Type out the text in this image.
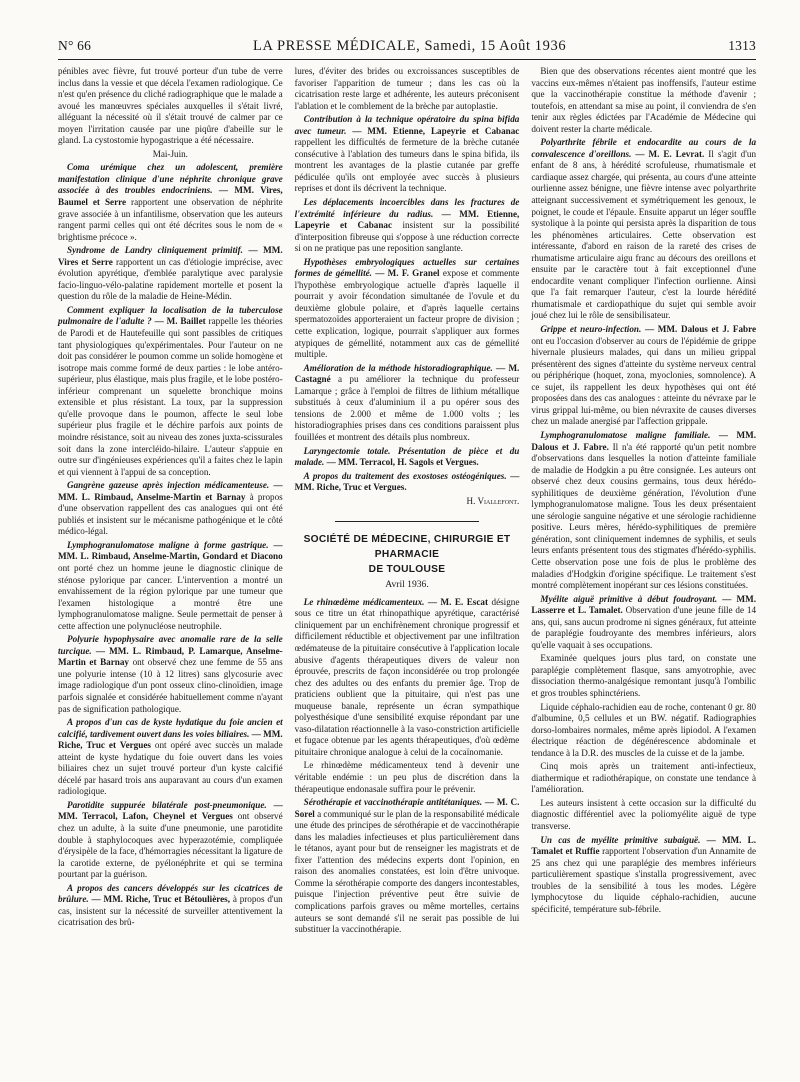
N° 66	LA PRESSE MÉDICALE, Samedi, 15 Août 1936	1313

pénibles avec fièvre, fut trouvé porteur d'un tube de verre inclus dans la vessie et que décela l'examen radiologique. Ce n'est qu'en présence du cliché radiographique que le malade a avoué les manœuvres spéciales auxquelles il s'était livré, alléguant la nécessité où il s'était trouvé de calmer par ce moyen l'irritation causée par une piqûre d'abeille sur le gland. La cystostomie hypogastrique a été nécessaire.

Mai-Juin.

Coma urémique chez un adolescent, première manifestation clinique d'une néphrite chronique grave associée à des troubles endocriniens. — MM. Vires, Baumel et Serre rapportent une observation de néphrite grave associée à un infantilisme, observation que les auteurs rangent parmi celles qui ont été décrites sous le nom de « brightisme précoce ».

Syndrome de Landry cliniquement primitif. — MM. Vires et Serre rapportent un cas d'étiologie imprécise, avec évolution apyrétique, d'emblée paralytique avec paralysie facio-linguo-vélo-palatine rapidement mortelle et posent la question du rôle de la maladie de Heine-Médin.

Comment expliquer la localisation de la tuberculose pulmonaire de l'adulte ? — M. Baillet rappelle les théories de Parodi et de Hautefeuille qui sont passibles de critiques tant physiologiques qu'expérimentales. Pour l'auteur on ne doit pas considérer le poumon comme un solide homogène et isotrope mais comme formé de deux parties : le lobe antéro-supérieur, plus élastique, mais plus fragile, et le lobe postéro-inférieur comprenant un squelette bronchique moins extensible et plus résistant. La toux, par la suppression qu'elle provoque dans le poumon, affecte le seul lobe supérieur plus fragile et le déchire parfois aux points de moindre résistance, soit au niveau des zones juxta-scissurales soit dans la zone intercléido-hilaire. L'auteur s'appuie en outre sur d'ingénieuses expériences qu'il a faites chez le lapin et qui viennent à l'appui de sa conception.

Gangrène gazeuse après injection médicamenteuse. — MM. L. Rimbaud, Anselme-Martin et Barnay à propos d'une observation rappellent des cas analogues qui ont été publiés et insistent sur le mécanisme pathogénique et le côté médico-légal.

Lymphogranulomatose maligne à forme gastrique. — MM. L. Rimbaud, Anselme-Martin, Gondard et Diacono ont porté chez un homme jeune le diagnostic clinique de sténose pylorique par cancer. L'intervention a montré un envahissement de la région pylorique par une tumeur que l'examen histologique a montré être une lymphogranulomatose maligne. Seule permettait de penser à cette affection une polynucléose neutrophile.

Polyurie hypophysaire avec anomalie rare de la selle turcique. — MM. L. Rimbaud, P. Lamarque, Anselme-Martin et Barnay ont observé chez une femme de 55 ans une polyurie intense (10 à 12 litres) sans glycosurie avec image radiologique d'un pont osseux clino-clinoïdien, image parfois signalée et considérée habituellement comme n'ayant pas de signification pathologique.

A propos d'un cas de kyste hydatique du foie ancien et calcifié, tardivement ouvert dans les voies biliaires. — MM. Riche, Truc et Vergues ont opéré avec succès un malade atteint de kyste hydatique du foie ouvert dans les voies biliaires chez un sujet trouvé porteur d'un kyste calcifié décelé par hasard trois ans auparavant au cours d'un examen radiologique.

Parotidite suppurée bilatérale post-pneumonique. — MM. Terracol, Lafon, Cheynel et Vergues ont observé chez un adulte, à la suite d'une pneumonie, une parotidite double à staphylocoques avec hyperazotémie, compliquée d'érysipèle de la face, d'hémorragies nécessitant la ligature de la carotide externe, de pyélonéphrite et qui se termina pourtant par la guérison.

A propos des cancers développés sur les cicatrices de brûlure. — MM. Riche, Truc et Bétoulières, à propos d'un cas, insistent sur la nécessité de surveiller attentivement la cicatrisation des brû-

lures, d'éviter des brides ou excroissances susceptibles de favoriser l'apparition de tumeur ; dans les cas où la cicatrisation reste large et adhérente, les auteurs préconisent l'ablation et le comblement de la brèche par autoplastie.

Contribution à la technique opératoire du spina bifida avec tumeur. — MM. Etienne, Lapeyrie et Cabanac rappellent les difficultés de fermeture de la brèche cutanée consécutive à l'ablation des tumeurs dans le spina bifida, ils montrent les avantages de la plastie cutanée par greffe pédiculée qu'ils ont employée avec succès à plusieurs reprises et dont ils décrivent la technique.

Les déplacements incoercibles dans les fractures de l'extrémité inférieure du radius. — MM. Etienne, Lapeyrie et Cabanac insistent sur la possibilité d'interposition fibreuse qui s'oppose à une réduction correcte si on ne pratique pas une reposition sanglante.

Hypothèses embryologiques actuelles sur certaines formes de gémellité. — M. F. Granel expose et commente l'hypothèse embryologique actuelle d'après laquelle il pourrait y avoir fécondation simultanée de l'ovule et du deuxième globule polaire, et d'après laquelle certains spermatozoïdes apporteraient un facteur propre de division ; cette explication, logique, pourrait s'appliquer aux formes atypiques de gémellité, notamment aux cas de gémellité multiple.

Amélioration de la méthode historadiographique. — M. Castagné a pu améliorer la technique du professeur Lamarque ; grâce à l'emploi de filtres de lithium métallique substitués à ceux d'aluminium il a pu opérer sous des tensions de 2.000 et même de 1.000 volts ; les historadiographies prises dans ces conditions paraissent plus fouillées et montrent des détails plus nombreux.

Laryngectomie totale. Présentation de pièce et du malade. — MM. Terracol, H. Sagols et Vergues.

A propos du traitement des exostoses ostéogéniques. — MM. Riche, Truc et Vergues.

H. Viallefont.
SOCIÉTÉ DE MÉDECINE, CHIRURGIE ET PHARMACIE
DE TOULOUSE
Avril 1936.

Le rhinœdème médicamenteux. — M. E. Escat désigne sous ce titre un état rhinopathique apyrétique, caractérisé cliniquement par un enchifrènement chronique progressif et difficilement réductible et objectivement par une infiltration œdémateuse de la pituitaire consécutive à l'application locale abusive d'agents thérapeutiques divers de valeur non éprouvée, prescrits de façon inconsidérée ou trop prolongée chez des adultes ou des enfants du premier âge. Trop de praticiens oublient que la pituitaire, qui n'est pas une muqueuse banale, représente un écran sympathique polyesthésique d'une sensibilité exquise répondant par une vaso-dilatation réactionnelle à la vaso-constriction artificielle et fugace obtenue par les agents thérapeutiques, d'où œdème pituitaire chronique analogue à celui de la cocaïnomanie.

Le rhinœdème médicamenteux tend à devenir une véritable endémie : un peu plus de discrétion dans la thérapeutique endonasale suffira pour le prévenir.

Sérothérapie et vaccinothérapie antitétaniques. — M. C. Sorel a communiqué sur le plan de la responsabilité médicale une étude des principes de sérothérapie et de vaccinothérapie dans les maladies infectieuses et plus particulièrement dans le tétanos, ayant pour but de renseigner les magistrats et de fixer l'attention des médecins experts dont l'opinion, en raison des anomalies constatées, est loin d'être univoque. Comme la sérothérapie comporte des dangers incontestables, puisque l'injection préventive peut être suivie de complications parfois graves ou même mortelles, certains auteurs se sont demandé s'il ne serait pas possible de lui substituer la vaccinothérapie.

Bien que des observations récentes aient montré que les vaccins eux-mêmes n'étaient pas inoffensifs, l'auteur estime que la vaccinothérapie constitue la méthode d'avenir ; toutefois, en attendant sa mise au point, il conviendra de s'en tenir aux règles édictées par l'Académie de Médecine qui doivent rester la charte médicale.

Polyarthrite fébrile et endocardite au cours de la convalescence d'oreillons. — M. E. Levrat. Il s'agit d'un enfant de 8 ans, à hérédité scrofuleuse, rhumatismale et cardiaque assez chargée, qui présenta, au cours d'une atteinte ourlienne assez bénigne, une fièvre intense avec polyarthrite atteignant successivement et symétriquement les genoux, le poignet, le coude et l'épaule. Ensuite apparut un léger souffle systolique à la pointe qui persista après la disparition de tous les phénomènes articulaires. Cette observation est intéressante, d'abord en raison de la rareté des crises de rhumatisme articulaire aigu franc au décours des oreillons et ensuite par le caractère tout à fait exceptionnel d'une endocardite venant compliquer l'infection ourlienne. Ainsi que l'a fait remarquer l'auteur, c'est la lourde hérédité rhumatismale et cardiopathique du sujet qui semble avoir joué chez lui le rôle de sensibilisateur.

Grippe et neuro-infection. — MM. Dalous et J. Fabre ont eu l'occasion d'observer au cours de l'épidémie de grippe hivernale plusieurs malades, qui dans un milieu grippal présentèrent des signes d'atteinte du système nerveux central ou périphérique (hoquet, zona, myoclonies, somnolence). A ce sujet, ils rappellent les deux hypothèses qui ont été proposées dans des cas analogues : atteinte du névraxe par le virus grippal lui-même, ou bien névraxite de causes diverses chez un malade anergisé par l'affection grippale.

Lymphogranulomatose maligne familiale. — MM. Dalous et J. Fabre. Il n'a été rapporté qu'un petit nombre d'observations dans lesquelles la notion d'atteinte familiale de maladie de Hodgkin a pu être consignée. Les auteurs ont observé chez deux cousins germains, tous deux hérédo-syphilitiques de deuxième génération, l'évolution d'une lymphogranulomatose maligne. Tous les deux présentaient une sérologie sanguine négative et une sérologie rachidienne positive. Leurs mères, hérédo-syphilitiques de première génération, sont cliniquement indemnes de syphilis, et seuls leurs enfants présentent tous des stigmates d'hérédo-syphilis. Cette observation pose une fois de plus le problème des maladies d'Hodgkin d'origine spécifique. Le traitement s'est montré complètement inopérant sur ces lésions constituées.

Myélite aiguë primitive à début foudroyant. — MM. Lasserre et L. Tamalet. Observation d'une jeune fille de 14 ans, qui, sans aucun prodrome ni signes généraux, fut atteinte de paraplégie foudroyante des membres inférieurs, alors qu'elle vaquait à ses occupations.

Examinée quelques jours plus tard, on constate une paraplégie complètement flasque, sans amyotrophie, avec dissociation thermo-analgésique remontant jusqu'à l'ombilic et gros troubles sphinctériens.

Liquide céphalo-rachidien eau de roche, contenant 0 gr. 80 d'albumine, 0,5 cellules et un BW. négatif. Radiographies dorso-lombaires normales, même après lipiodol. A l'examen électrique réaction de dégénérescence abdominale et tendance à la D.R. des muscles de la cuisse et de la jambe.

Cinq mois après un traitement anti-infectieux, diathermique et radiothérapique, on constate une tendance à l'amélioration.

Les auteurs insistent à cette occasion sur la difficulté du diagnostic différentiel avec la poliomyélite aiguë de type transverse.

Un cas de myélite primitive subaiguë. — MM. L. Tamalet et Ruffie rapportent l'observation d'un Annamite de 25 ans chez qui une paraplégie des membres inférieurs particulièrement spastique s'installa progressivement, avec troubles de la sensibilité à tous les modes. Légère lymphocytose du liquide céphalo-rachidien, aucune spécificité, température sub-fébrile.
